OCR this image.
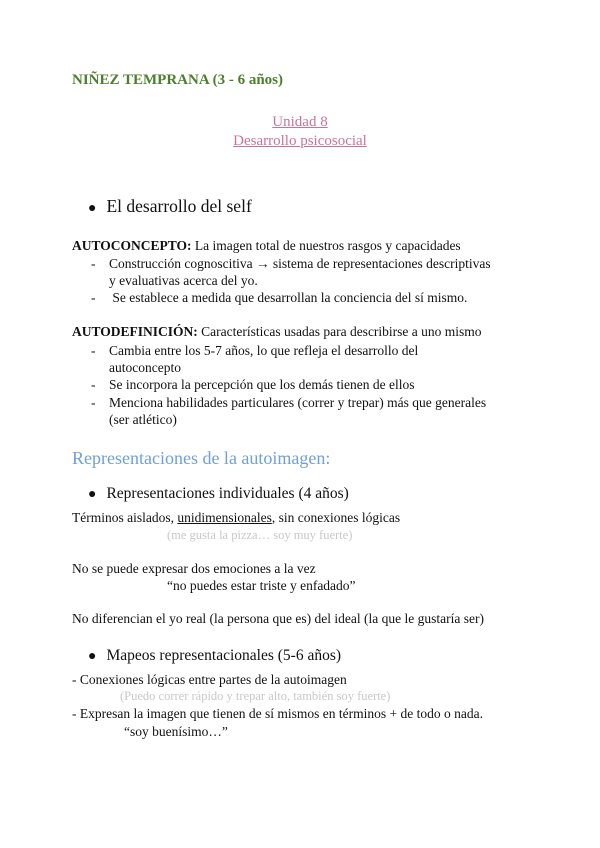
NIÑEZ TEMPRANA (3 - 6 años)
Unidad 8
Desarrollo psicosocial
● El desarrollo del self
AUTOCONCEPTO: La imagen total de nuestros rasgos y capacidades
- Construcción cognoscitiva → sistema de representaciones descriptivas
y evaluativas acerca del yo.
- Se establece a medida que desarrollan la conciencia del sí mismo.
AUTODEFINICIÓN: Características usadas para describirse a uno mismo
- Cambia entre los 5-7 años, lo que refleja el desarrollo del
autoconcepto
- Se incorpora la percepción que los demás tienen de ellos
- Menciona habilidades particulares (correr y trepar) más que generales
(ser atlético)
Representaciones de la autoimagen:
● Representaciones individuales (4 años)
Términos aislados, unidimensionales, sin conexiones lógicas
(me gusta la pizza… soy muy fuerte)
No se puede expresar dos emociones a la vez
“no puedes estar triste y enfadado”
No diferencian el yo real (la persona que es) del ideal (la que le gustaría ser)
● Mapeos representacionales (5-6 años)
- Conexiones lógicas entre partes de la autoimagen
(Puedo correr rápido y trepar alto, también soy fuerte)
- Expresan la imagen que tienen de sí mismos en términos + de todo o nada.
“soy buenísimo…”
